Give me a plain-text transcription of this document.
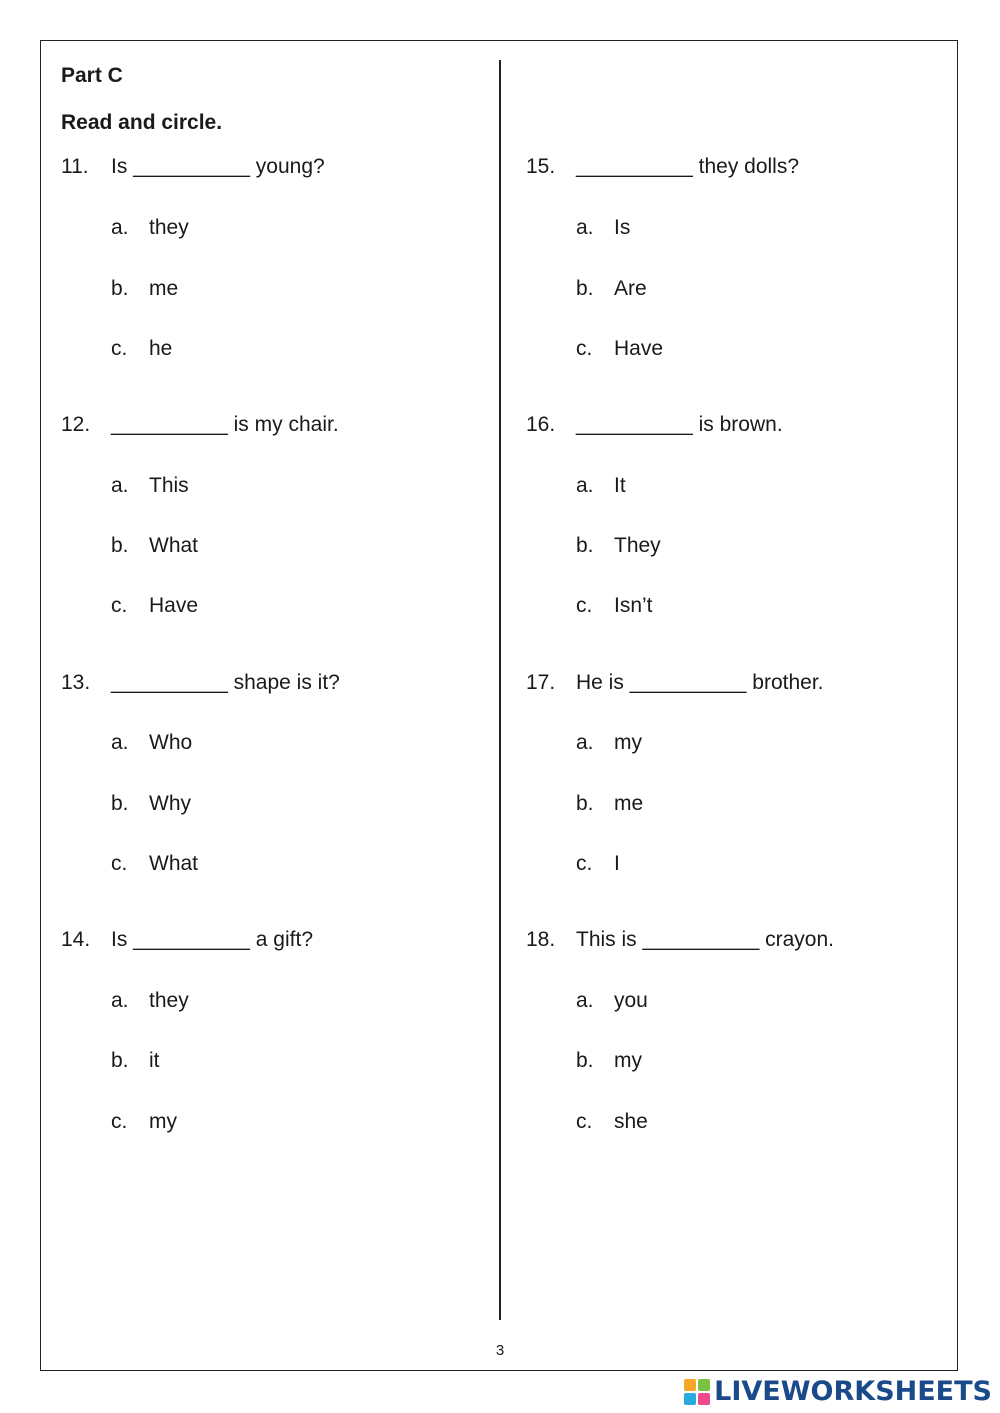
Part C
Read and circle.
11. Is __________ young?
a. they
b. me
c. he
12. __________ is my chair.
a. This
b. What
c. Have
13. __________ shape is it?
a. Who
b. Why
c. What
14. Is __________ a gift?
a. they
b. it
c. my
15. __________ they dolls?
a. Is
b. Are
c. Have
16. __________ is brown.
a. It
b. They
c. Isn’t
17. He is __________ brother.
a. my
b. me
c. I
18. This is __________ crayon.
a. you
b. my
c. she
3
LIVEWORKSHEETS
